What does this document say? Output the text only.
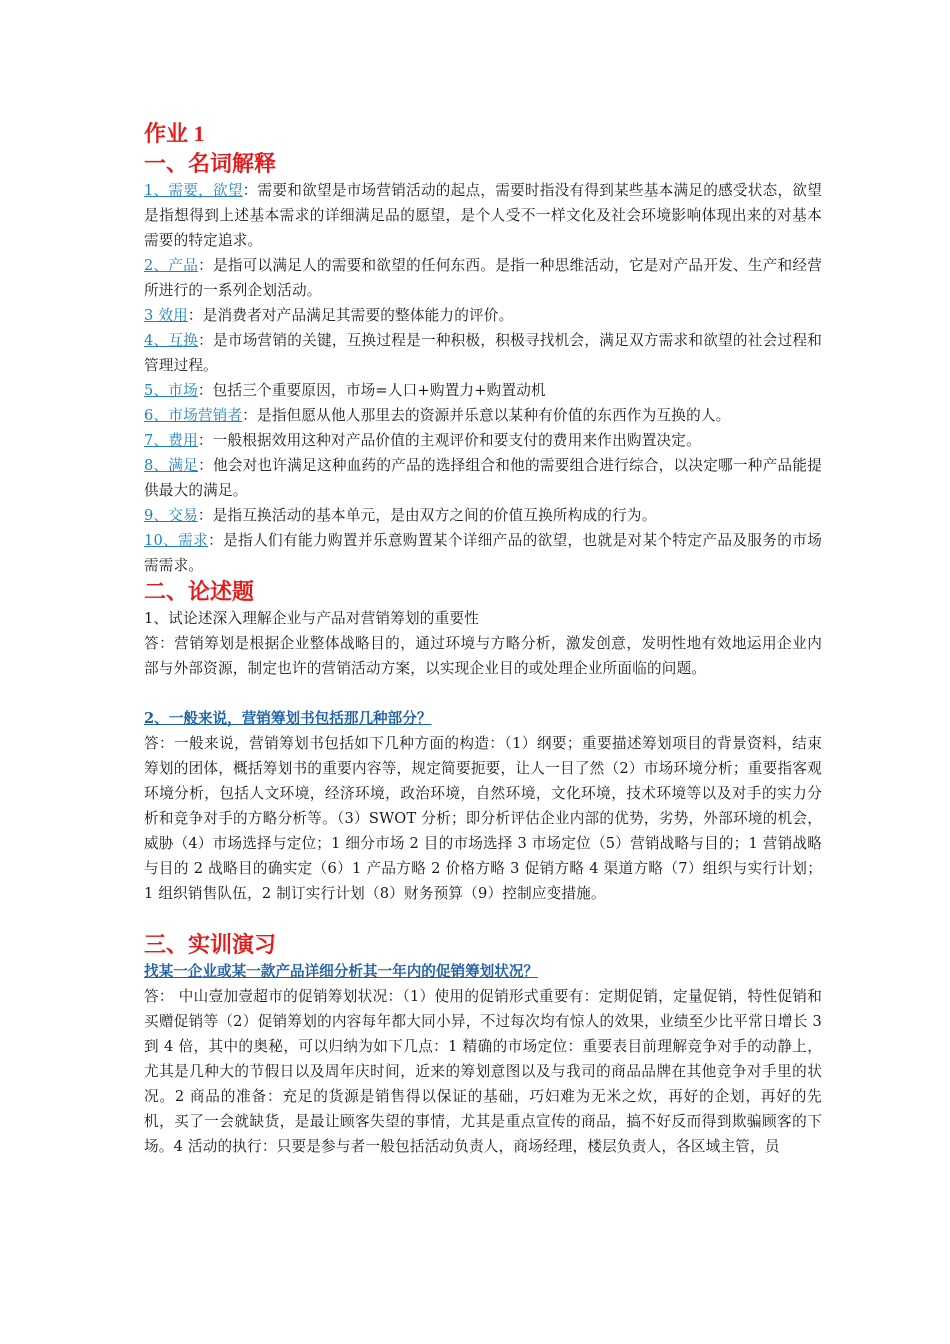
作业 1
一、名词解释

1、需要，欲望：需要和欲望是市场营销活动的起点，需要时指没有得到某些基本满足的感受状态，欲望是指想得到上述基本需求的详细满足品的愿望，是个人受不一样文化及社会环境影响体现出来的对基本需要的特定追求。

2、产品：是指可以满足人的需要和欲望的任何东西。是指一种思维活动，它是对产品开发、生产和经营所进行的一系列企划活动。

3 效用：是消费者对产品满足其需要的整体能力的评价。

4、互换：是市场营销的关键，互换过程是一种积极，积极寻找机会，满足双方需求和欲望的社会过程和管理过程。

5、市场：包括三个重要原因，市场=人口+购置力+购置动机

6、市场营销者：是指但愿从他人那里去的资源并乐意以某种有价值的东西作为互换的人。

7、费用：一般根据效用这种对产品价值的主观评价和要支付的费用来作出购置决定。

8、满足：他会对也许满足这种血药的产品的选择组合和他的需要组合进行综合，以决定哪一种产品能提供最大的满足。

9、交易：是指互换活动的基本单元，是由双方之间的价值互换所构成的行为。

10、需求：是指人们有能力购置并乐意购置某个详细产品的欲望，也就是对某个特定产品及服务的市场需需求。

二、论述题

1、试论述深入理解企业与产品对营销筹划的重要性

答：营销筹划是根据企业整体战略目的，通过环境与方略分析，激发创意，发明性地有效地运用企业内部与外部资源，制定也许的营销活动方案，以实现企业目的或处理企业所面临的问题。

2、一般来说，营销筹划书包括那几种部分？

答：一般来说，营销筹划书包括如下几种方面的构造：（1）纲要；重要描述筹划项目的背景资料，结束筹划的团体，概括筹划书的重要内容等，规定简要扼要，让人一目了然（2）市场环境分析；重要指客观环境分析，包括人文环境，经济环境，政治环境，自然环境，文化环境，技术环境等以及对手的实力分析和竞争对手的方略分析等。（3）SWOT 分析；即分析评估企业内部的优势，劣势，外部环境的机会，威胁（4）市场选择与定位；1 细分市场 2 目的市场选择 3 市场定位（5）营销战略与目的；1 营销战略与目的 2 战略目的确实定（6）1 产品方略 2 价格方略 3 促销方略 4 渠道方略（7）组织与实行计划；1 组织销售队伍，2 制订实行计划（8）财务预算（9）控制应变措施。

三、实训演习

找某一企业或某一款产品详细分析其一年内的促销筹划状况？

答： 中山壹加壹超市的促销筹划状况：（1）使用的促销形式重要有：定期促销，定量促销，特性促销和买赠促销等（2）促销筹划的内容每年都大同小异，不过每次均有惊人的效果，业绩至少比平常日增长 3 到 4 倍，其中的奥秘，可以归纳为如下几点：1 精确的市场定位：重要表目前理解竞争对手的动静上，尤其是几种大的节假日以及周年庆时间，近来的筹划意图以及与我司的商品品牌在其他竞争对手里的状况。2 商品的准备：充足的货源是销售得以保证的基础，巧妇难为无米之炊，再好的企划，再好的先机，买了一会就缺货，是最让顾客失望的事情，尤其是重点宣传的商品，搞不好反而得到欺骗顾客的下场。4 活动的执行：只要是参与者一般包括活动负责人，商场经理，楼层负责人，各区域主管，员
